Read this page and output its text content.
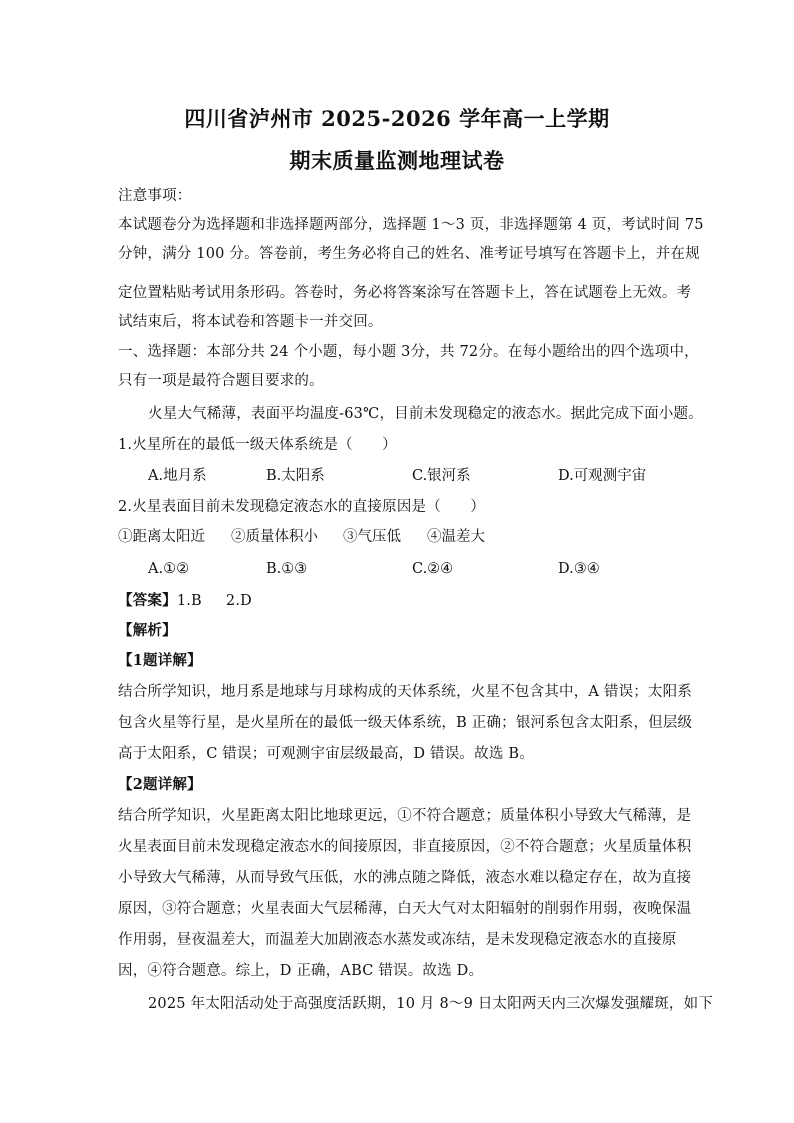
四川省泸州市 2025-2026 学年高一上学期
期末质量监测地理试卷
注意事项：
本试题卷分为选择题和非选择题两部分，选择题 1～3 页，非选择题第 4 页，考试时间 75
分钟，满分 100 分。答卷前，考生务必将自己的姓名、准考证号填写在答题卡上，并在规
定位置粘贴考试用条形码。答卷时，务必将答案涂写在答题卡上，答在试题卷上无效。考
试结束后，将本试卷和答题卡一并交回。
一、选择题：本部分共 24 个小题，每小题 3分，共 72分。在每小题给出的四个选项中，
只有一项是最符合题目要求的。
火星大气稀薄，表面平均温度-63℃，目前未发现稳定的液态水。据此完成下面小题。
1.火星所在的最低一级天体系统是（　　）
A.地月系	B.太阳系	C.银河系	D.可观测宇宙
2.火星表面目前未发现稳定液态水的直接原因是（　　）
①距离太阳近 ②质量体积小 ③气压低 ④温差大
A.①②	B.①③	C.②④	D.③④
【答案】1.B 2.D
【解析】
【1题详解】
结合所学知识，地月系是地球与月球构成的天体系统，火星不包含其中，A 错误；太阳系
包含火星等行星，是火星所在的最低一级天体系统，B 正确；银河系包含太阳系，但层级
高于太阳系，C 错误；可观测宇宙层级最高，D 错误。故选 B。
【2题详解】
结合所学知识，火星距离太阳比地球更远，①不符合题意；质量体积小导致大气稀薄，是
火星表面目前未发现稳定液态水的间接原因，非直接原因，②不符合题意；火星质量体积
小导致大气稀薄，从而导致气压低，水的沸点随之降低，液态水难以稳定存在，故为直接
原因，③符合题意；火星表面大气层稀薄，白天大气对太阳辐射的削弱作用弱，夜晚保温
作用弱，昼夜温差大，而温差大加剧液态水蒸发或冻结，是未发现稳定液态水的直接原
因，④符合题意。综上，D 正确，ABC 错误。故选 D。
2025 年太阳活动处于高强度活跃期，10 月 8～9 日太阳两天内三次爆发强耀斑，如下
